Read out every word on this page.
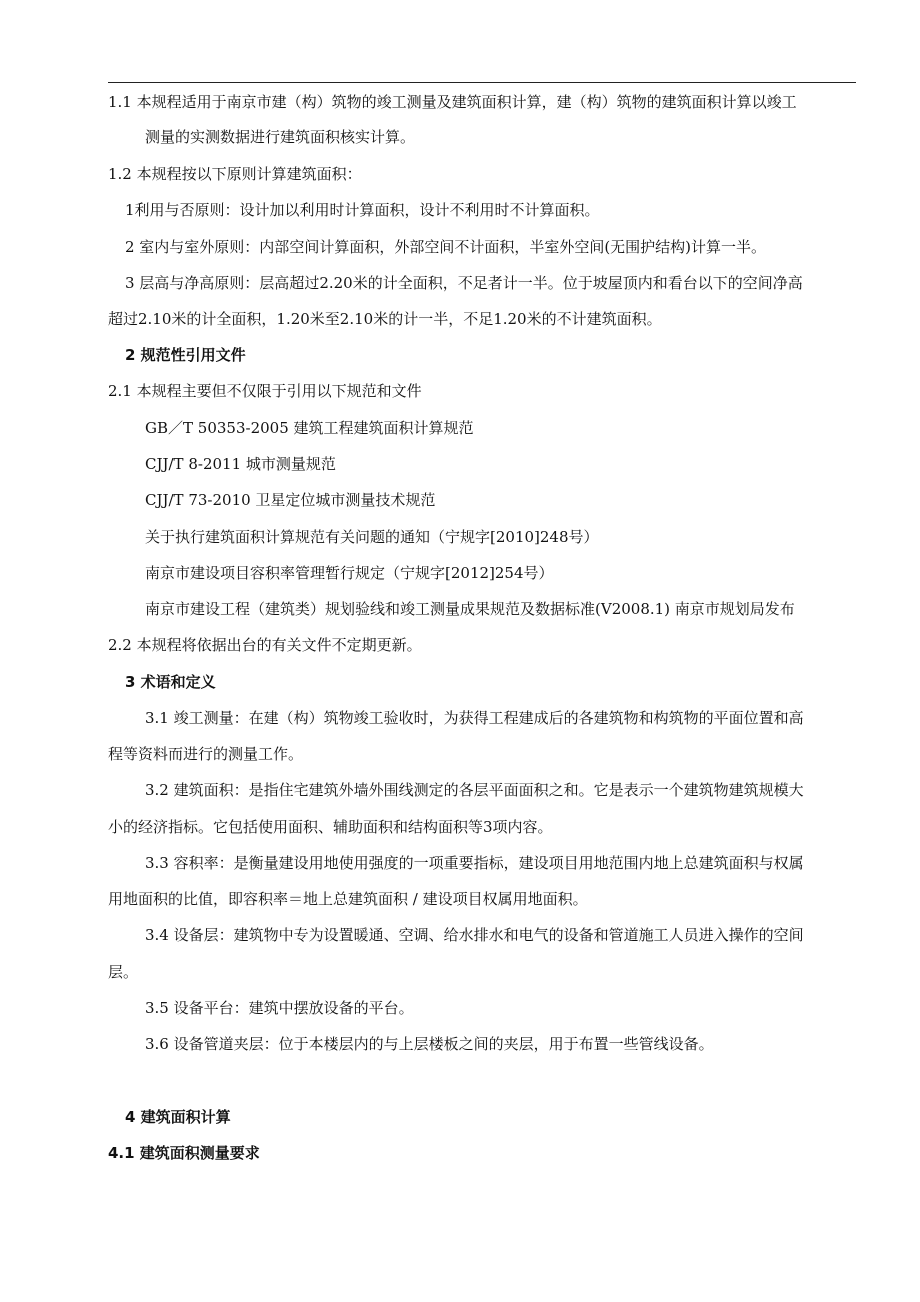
1.1 本规程适用于南京市建（构）筑物的竣工测量及建筑面积计算，建（构）筑物的建筑面积计算以竣工
测量的实测数据进行建筑面积核实计算。
1.2 本规程按以下原则计算建筑面积：
1利用与否原则：设计加以利用时计算面积，设计不利用时不计算面积。
2 室内与室外原则：内部空间计算面积，外部空间不计面积，半室外空间(无围护结构)计算一半。
3 层高与净高原则：层高超过2.20米的计全面积，不足者计一半。位于坡屋顶内和看台以下的空间净高
超过2.10米的计全面积，1.20米至2.10米的计一半，不足1.20米的不计建筑面积。
2 规范性引用文件
2.1 本规程主要但不仅限于引用以下规范和文件
GB／T 50353-2005 建筑工程建筑面积计算规范
CJJ/T 8-2011 城市测量规范
CJJ/T 73-2010 卫星定位城市测量技术规范
关于执行建筑面积计算规范有关问题的通知（宁规字[2010]248号）
南京市建设项目容积率管理暂行规定（宁规字[2012]254号）
南京市建设工程（建筑类）规划验线和竣工测量成果规范及数据标准(V2008.1) 南京市规划局发布
2.2 本规程将依据出台的有关文件不定期更新。
3 术语和定义
3.1 竣工测量：在建（构）筑物竣工验收时，为获得工程建成后的各建筑物和构筑物的平面位置和高
程等资料而进行的测量工作。
3.2 建筑面积：是指住宅建筑外墙外围线测定的各层平面面积之和。它是表示一个建筑物建筑规模大
小的经济指标。它包括使用面积、辅助面积和结构面积等3项内容。
3.3 容积率：是衡量建设用地使用强度的一项重要指标，建设项目用地范围内地上总建筑面积与权属
用地面积的比值，即容积率＝地上总建筑面积 / 建设项目权属用地面积。
3.4 设备层：建筑物中专为设置暖通、空调、给水排水和电气的设备和管道施工人员进入操作的空间
层。
3.5 设备平台：建筑中摆放设备的平台。
3.6 设备管道夹层：位于本楼层内的与上层楼板之间的夹层，用于布置一些管线设备。
4 建筑面积计算
4.1 建筑面积测量要求
